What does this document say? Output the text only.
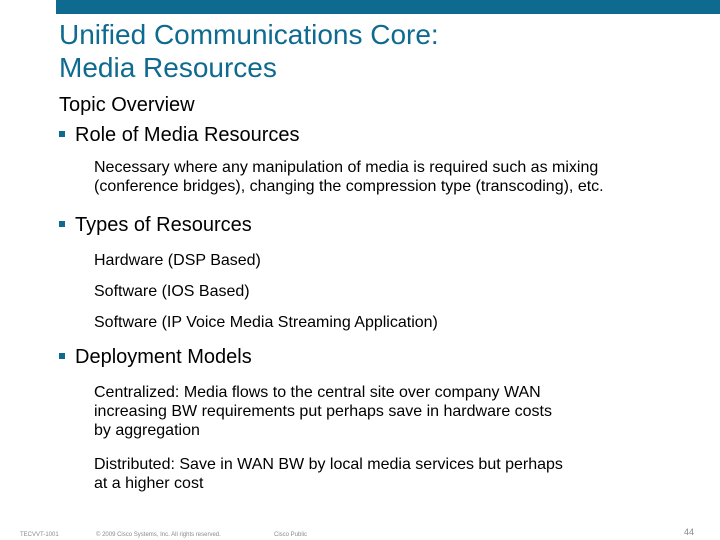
Unified Communications Core:
Media Resources
Topic Overview
Role of Media Resources
Necessary where any manipulation of media is required such as mixing
(conference bridges), changing the compression type (transcoding), etc.
Types of Resources
Hardware (DSP Based)
Software (IOS Based)
Software (IP Voice Media Streaming Application)
Deployment Models
Centralized: Media flows to the central site over company WAN
increasing BW requirements put perhaps save in hardware costs
by aggregation
Distributed: Save in WAN BW by local media services but perhaps
at a higher cost
TECVVT-1001	© 2009 Cisco Systems, Inc. All rights reserved.	Cisco Public	44
